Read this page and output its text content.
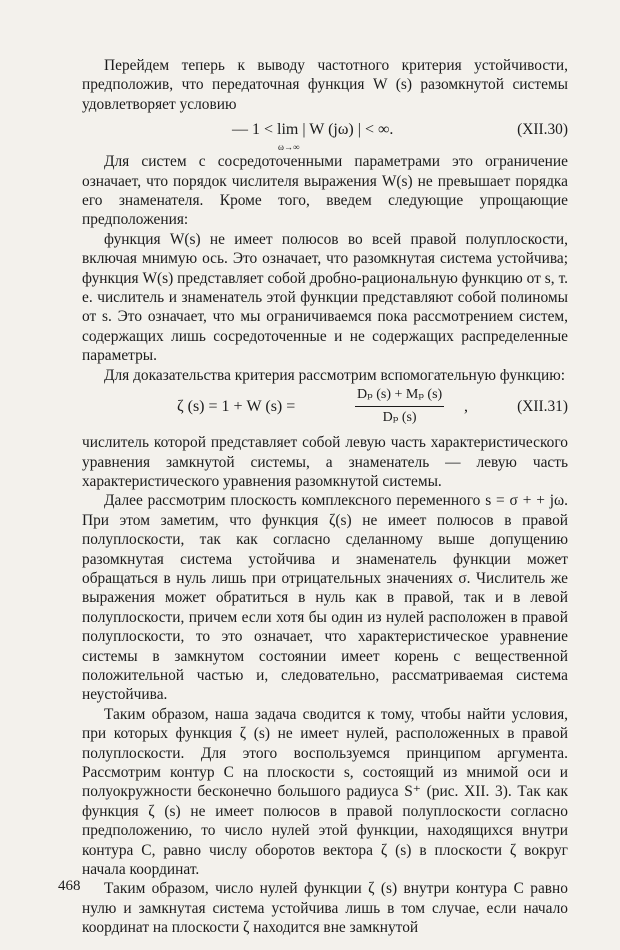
Перейдем теперь к выводу частотного критерия устойчивости, предположив, что передаточная функция W (s) разомкнутой системы удовлетворяет условию

— 1 < lim
ω→∞
| W (jω) | < ∞.	(XII.30)

Для систем с сосредоточенными параметрами это ограничение означает, что порядок числителя выражения W(s) не превышает порядка его знаменателя. Кроме того, введем следующие упрощающие предположения:

функция W(s) не имеет полюсов во всей правой полуплоскости, включая мнимую ось. Это означает, что разомкнутая система устойчива; функция W(s) представляет собой дробно-рациональную функцию от s, т. е. числитель и знаменатель этой функции представляют собой полиномы от s. Это означает, что мы ограничиваемся пока рассмотрением систем, содержащих лишь сосредоточенные и не содержащих распределенные параметры.

Для доказательства критерия рассмотрим вспомогательную функцию:

ζ (s) = 1 + W (s) =	$\frac{\text{Dₚ (s) + Mₚ (s)}}{\text{Dₚ (s)}}$ ,	(XII.31)

числитель которой представляет собой левую часть характеристического уравнения замкнутой системы, а знаменатель — левую часть характеристического уравнения разомкнутой системы.

Далее рассмотрим плоскость комплексного переменного s = σ + + jω. При этом заметим, что функция ζ(s) не имеет полюсов в правой полуплоскости, так как согласно сделанному выше допущению разомкнутая система устойчива и знаменатель функции может обращаться в нуль лишь при отрицательных значениях σ. Числитель же выражения может обратиться в нуль как в правой, так и в левой полуплоскости, причем если хотя бы один из нулей расположен в правой полуплоскости, то это означает, что характеристическое уравнение системы в замкнутом состоянии имеет корень с вещественной положительной частью и, следовательно, рассматриваемая система неустойчива.

Таким образом, наша задача сводится к тому, чтобы найти условия, при которых функция ζ (s) не имеет нулей, расположенных в правой полуплоскости. Для этого воспользуемся принципом аргумента. Рассмотрим контур C на плоскости s, состоящий из мнимой оси и полуокружности бесконечно большого радиуса S⁺ (рис. XII. 3). Так как функция ζ (s) не имеет полюсов в правой полуплоскости согласно предположению, то число нулей этой функции, находящихся внутри контура C, равно числу оборотов вектора ζ (s) в плоскости ζ вокруг начала координат.

Таким образом, число нулей функции ζ (s) внутри контура C равно нулю и замкнутая система устойчива лишь в том случае, если начало координат на плоскости ζ находится вне замкнутой

468
